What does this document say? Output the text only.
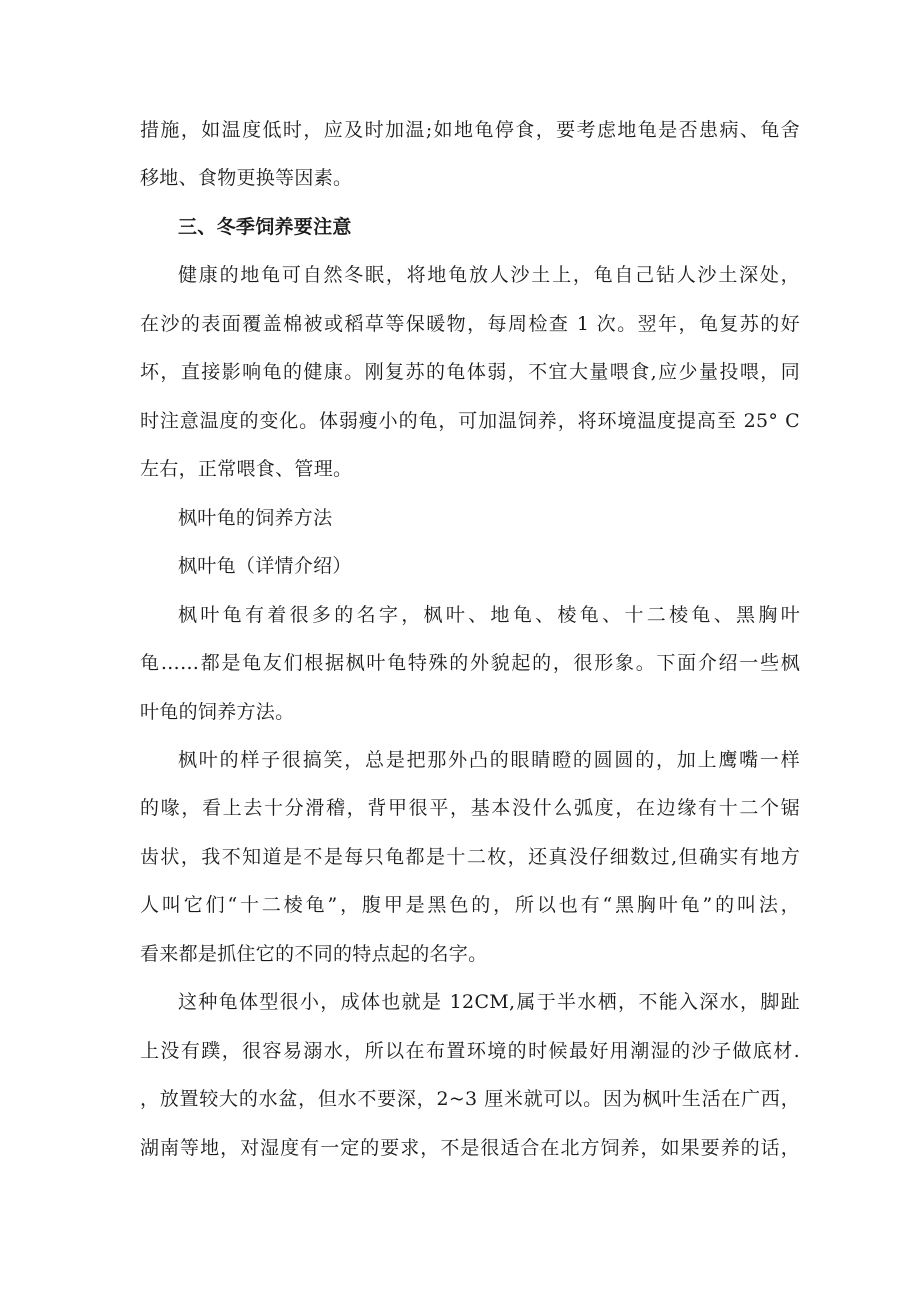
措施，如温度低时，应及时加温;如地龟停食，要考虑地龟是否患病、龟舍
移地、食物更换等因素。
三、冬季饲养要注意
健康的地龟可自然冬眠，将地龟放人沙土上，龟自己钻人沙土深处，
在沙的表面覆盖棉被或稻草等保暖物，每周检查 1 次。翌年，龟复苏的好
坏，直接影响龟的健康。刚复苏的龟体弱，不宜大量喂食,应少量投喂，同
时注意温度的变化。体弱瘦小的龟，可加温饲养，将环境温度提高至 25° C
左右，正常喂食、管理。
枫叶龟的饲养方法
枫叶龟（详情介绍）
枫叶龟有着很多的名字，枫叶、地龟、棱龟、十二棱龟、黑胸叶
龟……都是龟友们根据枫叶龟特殊的外貌起的，很形象。下面介绍一些枫
叶龟的饲养方法。
枫叶的样子很搞笑，总是把那外凸的眼睛瞪的圆圆的，加上鹰嘴一样
的喙，看上去十分滑稽，背甲很平，基本没什么弧度，在边缘有十二个锯
齿状，我不知道是不是每只龟都是十二枚，还真没仔细数过,但确实有地方
人叫它们“十二棱龟”，腹甲是黑色的，所以也有“黑胸叶龟”的叫法，
看来都是抓住它的不同的特点起的名字。
这种龟体型很小，成体也就是 12CM,属于半水栖，不能入深水，脚趾
上没有蹼，很容易溺水，所以在布置环境的时候最好用潮湿的沙子做底材.
，放置较大的水盆，但水不要深，2~3 厘米就可以。因为枫叶生活在广西，
湖南等地，对湿度有一定的要求，不是很适合在北方饲养，如果要养的话，
